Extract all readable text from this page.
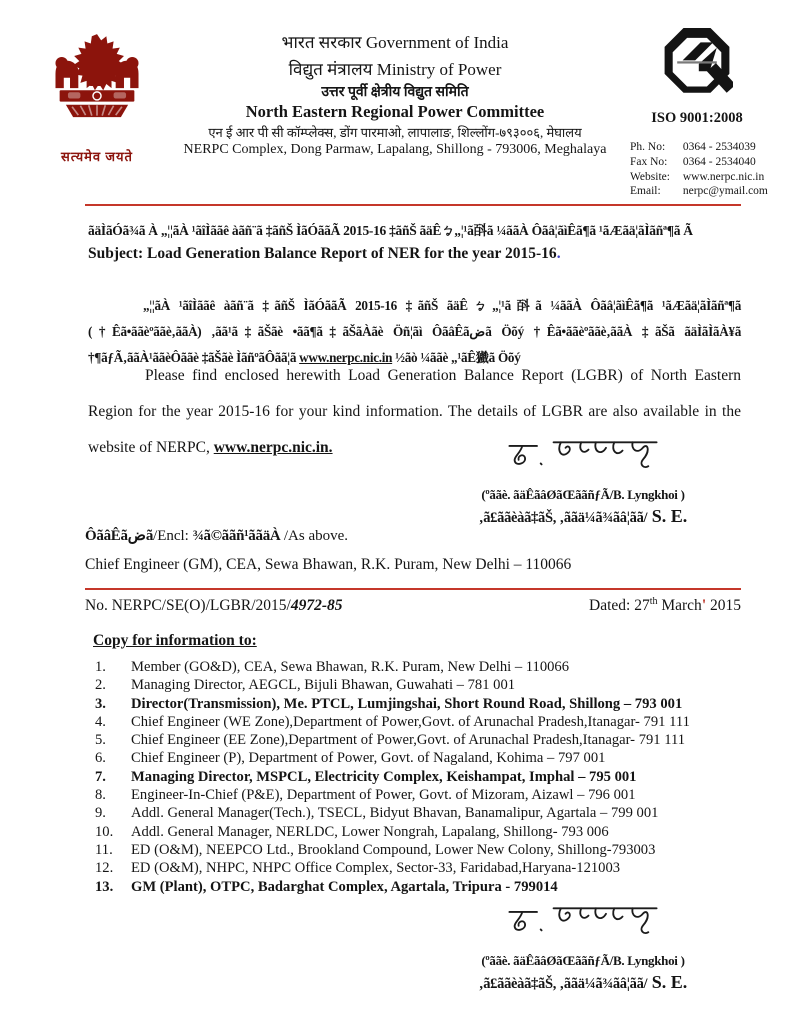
सत्यमेव जयते
भारत सरकार Government of India
विद्युत मंत्रालय Ministry of Power
उत्तर पूर्वी क्षेत्रीय विद्युत समिति
North Eastern Regional Power Committee
एन ई आर पी सी कॉम्प्लेक्स, डोंग पारमाओ, लापालाङ, शिल्लोंग-७९३००६, मेघालय
NERPC Complex, Dong Parmaw, Lapalang, Shillong - 793006, Meghalaya
ISO 9001:2008
Ph. No: 0364 - 2534039
Fax No: 0364 - 2534040
Website: www.nerpc.nic.in
Email: nerpc@ymail.com
ãäÌãÓã¾ã À „¦¦ãÀ ¹ãîÌããê àãñ¨ã ‡ãñŠ ÌãÓããÃ 2015-16 ‡ãñŠ ãäÊㆠ„¦¹ã㪶ã ¼ããÀ Ôãâ¦ãìÊã¶ã ¹ãÆãä¦ãÌãñª¶ã Ã
Subject: Load Generation Balance Report of NER for the year 2015-16.
„¦¦ãÀ ¹ãîÌããê àãñ¨ã ‡ãñŠ ÌãÓããÃ 2015-16 ‡ãñŠ ãäÊㆠ„¦¹ã㪶ã ¼ããÀ Ôãâ¦ãìÊã¶ã ¹ãÆãä¦ãÌãñª¶ã (†Êã•ããèºããè‚ããÀ) ‚ãã¹ã‡ãŠãè •ãã¶ã‡ãŠãÀãè Öñ¦ãì ÔãâÊãضã Öõý †Êã•ããèºããè‚ããÀ ‡ãŠã ãäÌãÌãÀ¥ã †¶ãƒÃ‚ããÀ¹ããèÔããè ‡ãŠãè ÌãñºãÔãã¦ã www.nerpc.nic.in ½ãò ¼ããè „¹ãÊ㺣ã Öõý
Please find enclosed herewith Load Generation Balance Report (LGBR) of North Eastern Region for the year 2015-16 for your kind information. The details of LGBR are also available in the website of NERPC, www.nerpc.nic.in.
(ºããè. ãäÊãâØãŒããñƒÃ/B. Lyngkhoi )
‚ã£ããèàã‡ãŠ, ‚ããä¼ã¾ãâ¦ãã/ S. E.
ÔãâÊãضã/Encl: ¾ã©ããñ¹ããäÀ /As above.
Chief Engineer (GM), CEA, Sewa Bhawan, R.K. Puram, New Delhi – 110066
No. NERPC/SE(O)/LGBR/2015/4972-85	Dated: 27th March' 2015
Copy for information to:
Member (GO&D), CEA, Sewa Bhawan, R.K. Puram, New Delhi – 110066
Managing Director, AEGCL, Bijuli Bhawan, Guwahati – 781 001
Director(Transmission), Me. PTCL, Lumjingshai, Short Round Road, Shillong – 793 001
Chief Engineer (WE Zone),Department of Power,Govt. of Arunachal Pradesh,Itanagar- 791 111
Chief Engineer (EE Zone),Department of Power,Govt. of Arunachal Pradesh,Itanagar- 791 111
Chief Engineer (P), Department of Power, Govt. of Nagaland, Kohima – 797 001
Managing Director, MSPCL, Electricity Complex, Keishampat, Imphal – 795 001
Engineer-In-Chief (P&E), Department of Power, Govt. of Mizoram, Aizawl – 796 001
Addl. General Manager(Tech.), TSECL, Bidyut Bhavan, Banamalipur, Agartala – 799 001
Addl. General Manager, NERLDC, Lower Nongrah, Lapalang, Shillong- 793 006
ED (O&M), NEEPCO Ltd., Brookland Compound, Lower New Colony, Shillong-793003
ED (O&M), NHPC, NHPC Office Complex, Sector-33, Faridabad,Haryana-121003
GM (Plant), OTPC, Badarghat Complex, Agartala, Tripura - 799014
(ºããè. ãäÊãâØãŒããñƒÃ/B. Lyngkhoi )
‚ã£ããèàã‡ãŠ, ‚ããä¼ã¾ãâ¦ãã/ S. E.
